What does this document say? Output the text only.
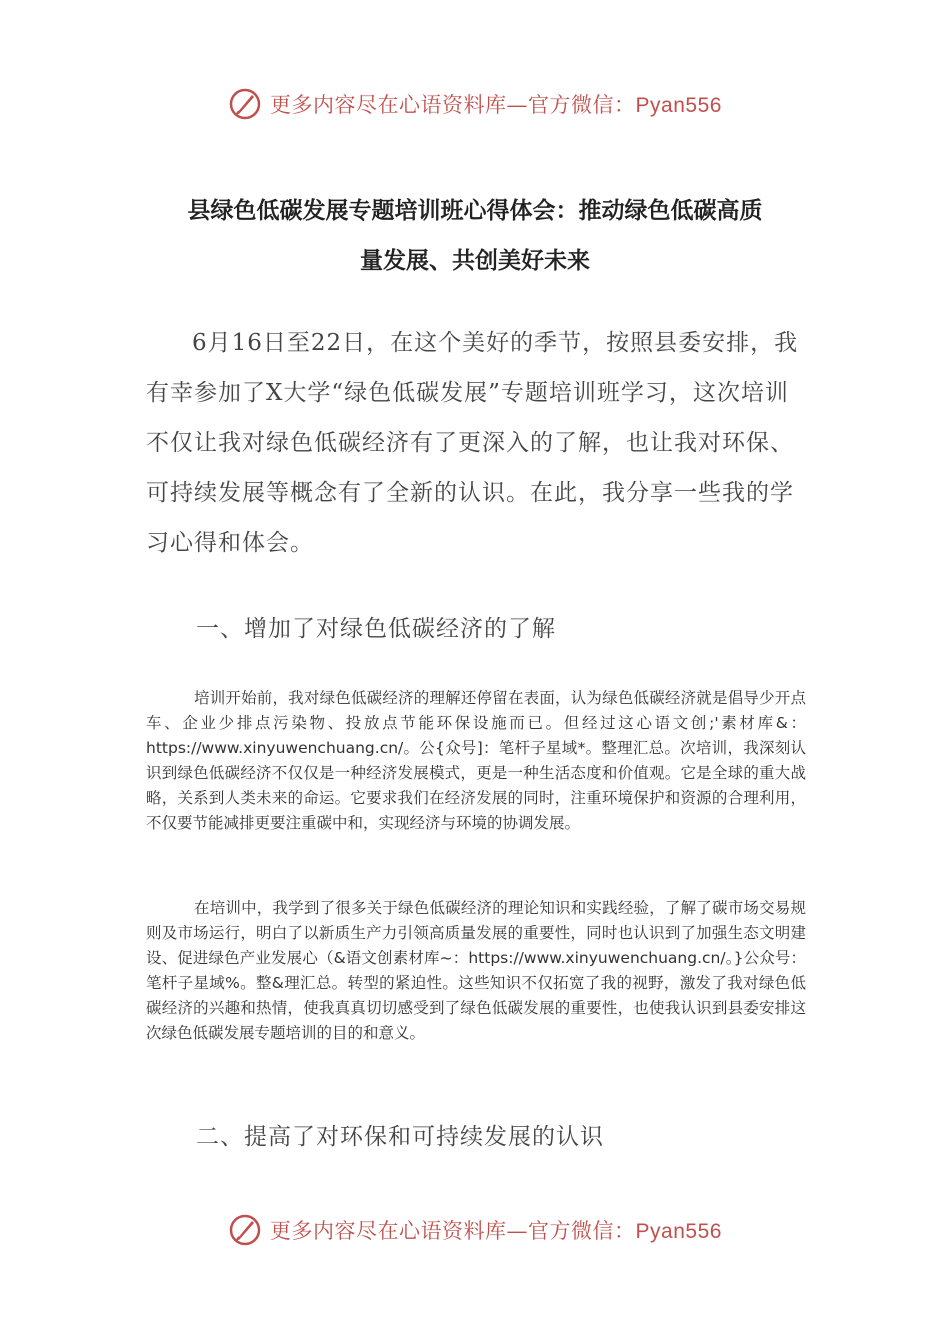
更多内容尽在心语资料库—官方微信：Pyan556
县绿色低碳发展专题培训班心得体会：推动绿色低碳高质
量发展、共创美好未来

6月16日至22日，在这个美好的季节，按照县委安排，我有幸参加了X大学“绿色低碳发展”专题培训班学习，这次培训不仅让我对绿色低碳经济有了更深入的了解，也让我对环保、可持续发展等概念有了全新的认识。在此，我分享一些我的学习心得和体会。

一、增加了对绿色低碳经济的了解

培训开始前，我对绿色低碳经济的理解还停留在表面，认为绿色低碳经济就是倡导少开点车、企业少排点污染物、投放点节能环保设施而已。但经过这心语文创;'素材库&：https://www.xinyuwenchuang.cn/。公{众号]：笔杆子星域*。整理汇总。次培训，我深刻认识到绿色低碳经济不仅仅是一种经济发展模式，更是一种生活态度和价值观。它是全球的重大战略，关系到人类未来的命运。它要求我们在经济发展的同时，注重环境保护和资源的合理利用，不仅要节能减排更要注重碳中和，实现经济与环境的协调发展。

在培训中，我学到了很多关于绿色低碳经济的理论知识和实践经验，了解了碳市场交易规则及市场运行，明白了以新质生产力引领高质量发展的重要性，同时也认识到了加强生态文明建设、促进绿色产业发展心（&语文创素材库~：https://www.xinyuwenchuang.cn/。}公众号：笔杆子星域%。整&理汇总。转型的紧迫性。这些知识不仅拓宽了我的视野，激发了我对绿色低碳经济的兴趣和热情，使我真真切切感受到了绿色低碳发展的重要性，也使我认识到县委安排这次绿色低碳发展专题培训的目的和意义。

二、提高了对环保和可持续发展的认识
更多内容尽在心语资料库—官方微信：Pyan556
